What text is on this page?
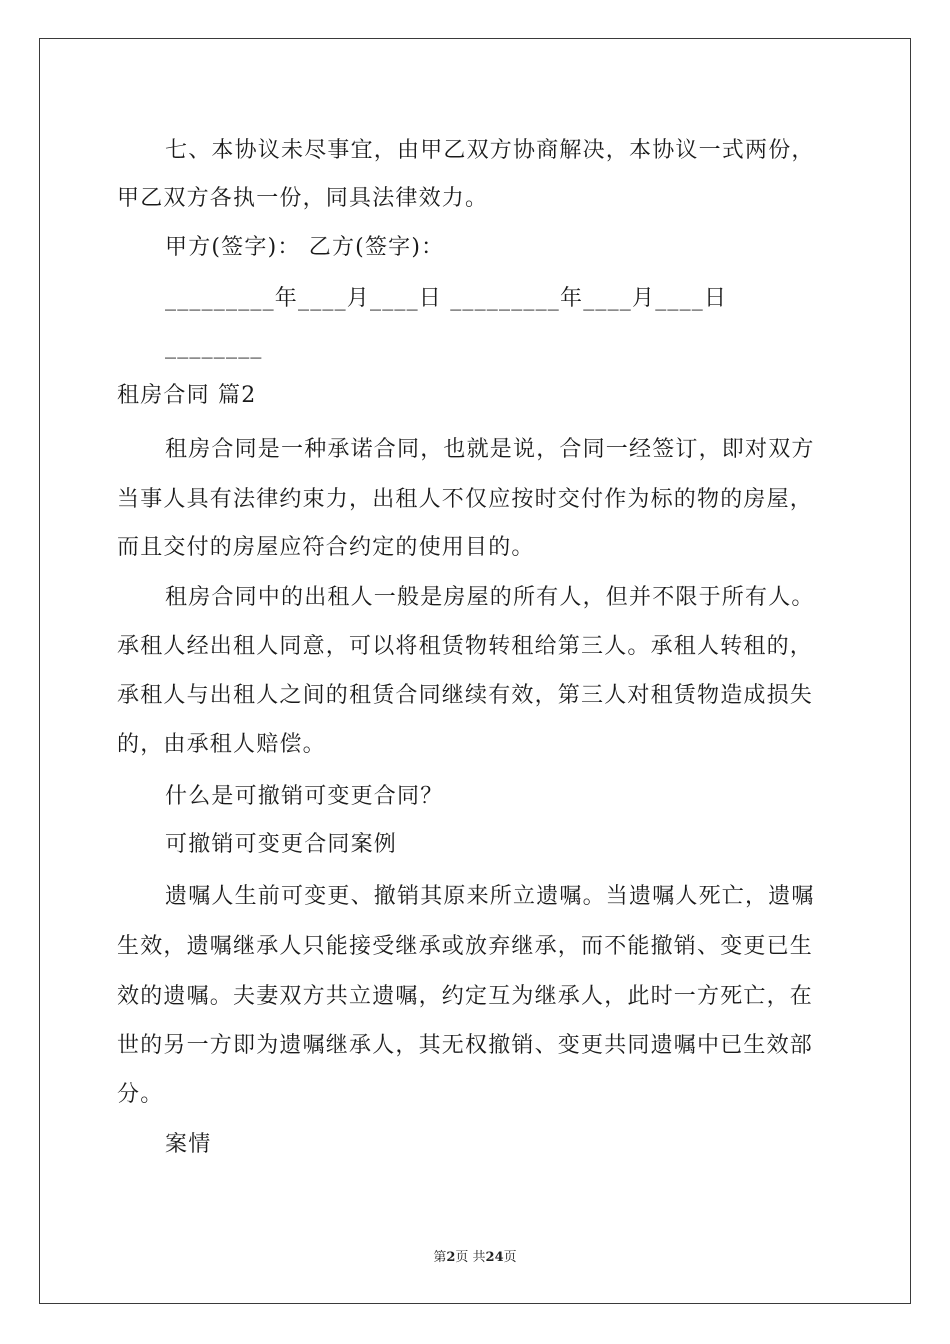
七、本协议未尽事宜，由甲乙双方协商解决，本协议一式两份，
甲乙双方各执一份，同具法律效力。
甲方(签字)： 乙方(签字)：
_________年____月____日 _________年____月____日
________
租房合同 篇2
租房合同是一种承诺合同，也就是说，合同一经签订，即对双方
当事人具有法律约束力，出租人不仅应按时交付作为标的物的房屋，
而且交付的房屋应符合约定的使用目的。
租房合同中的出租人一般是房屋的所有人，但并不限于所有人。
承租人经出租人同意，可以将租赁物转租给第三人。承租人转租的，
承租人与出租人之间的租赁合同继续有效，第三人对租赁物造成损失
的，由承租人赔偿。
什么是可撤销可变更合同？
可撤销可变更合同案例
遗嘱人生前可变更、撤销其原来所立遗嘱。当遗嘱人死亡，遗嘱
生效，遗嘱继承人只能接受继承或放弃继承，而不能撤销、变更已生
效的遗嘱。夫妻双方共立遗嘱，约定互为继承人，此时一方死亡，在
世的另一方即为遗嘱继承人，其无权撤销、变更共同遗嘱中已生效部
分。
案情
第2页 共24页
